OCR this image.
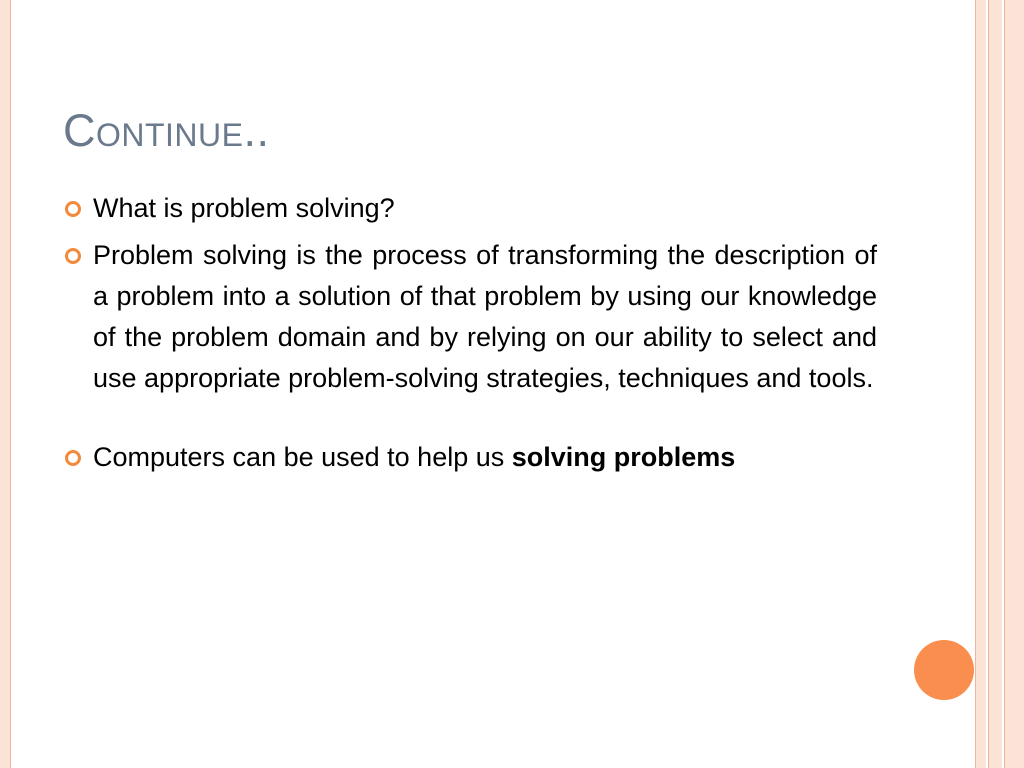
Continue..
What is problem solving?
Problem solving is the process of transforming the description of a problem into a solution of that problem by using our knowledge of the problem domain and by relying on our ability to select and use appropriate problem-solving strategies, techniques and tools.
Computers can be used to help us solving problems
